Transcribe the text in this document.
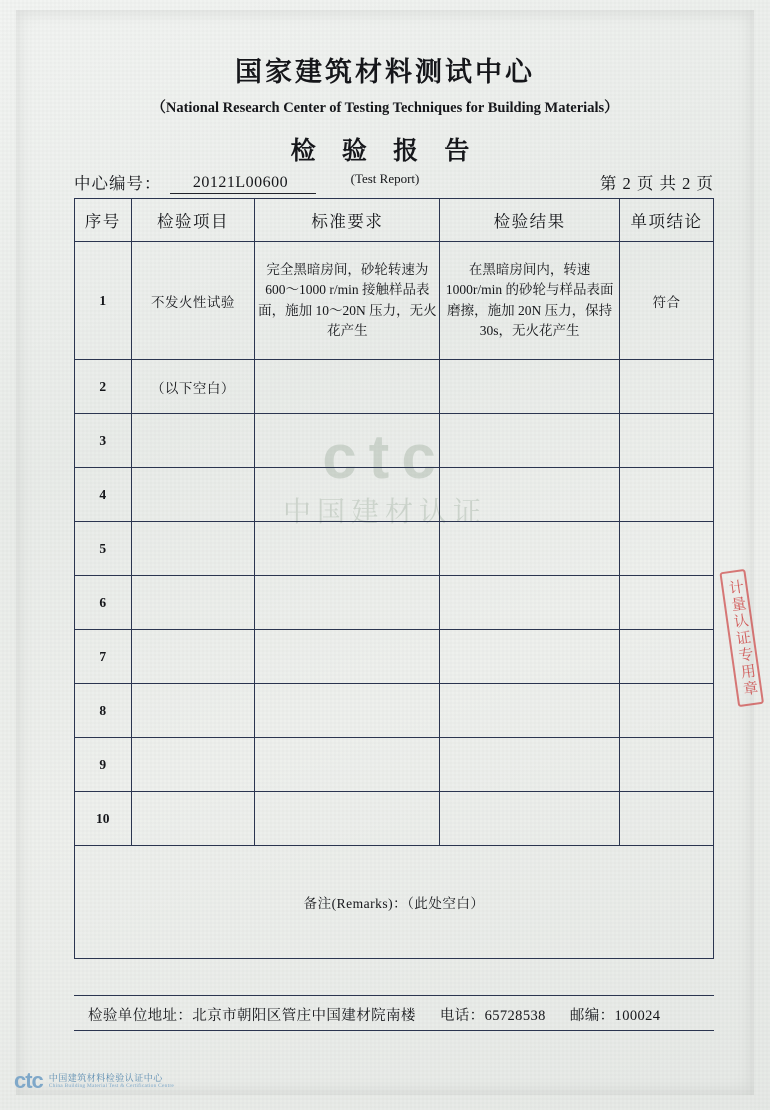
ctc
中国建材认证
国家建筑材料测试中心
（National Research Center of Testing Techniques for Building Materials）
检 验 报 告
(Test Report)
中心编号：	20121L00600	第 2 页 共 2 页
序号	检验项目	标准要求	检验结果	单项结论
1	不发火性试验	完全黑暗房间，砂轮转速为 600～1000 r/min 接触样品表面，施加 10～20N 压力，无火花产生	在黑暗房间内，转速 1000r/min 的砂轮与样品表面磨擦，施加 20N 压力，保持 30s，无火花产生	符合
2	（以下空白）			
3				
4				
5				
6				
7				
8				
9				
10				
备注(Remarks)：（此处空白）				
计量认证专用章
检验单位地址：北京市朝阳区管庄中国建材院南楼 电话：65728538 邮编：100024
ctc 中国建筑材料检验认证中心
China Building Material Test & Certification Centre
